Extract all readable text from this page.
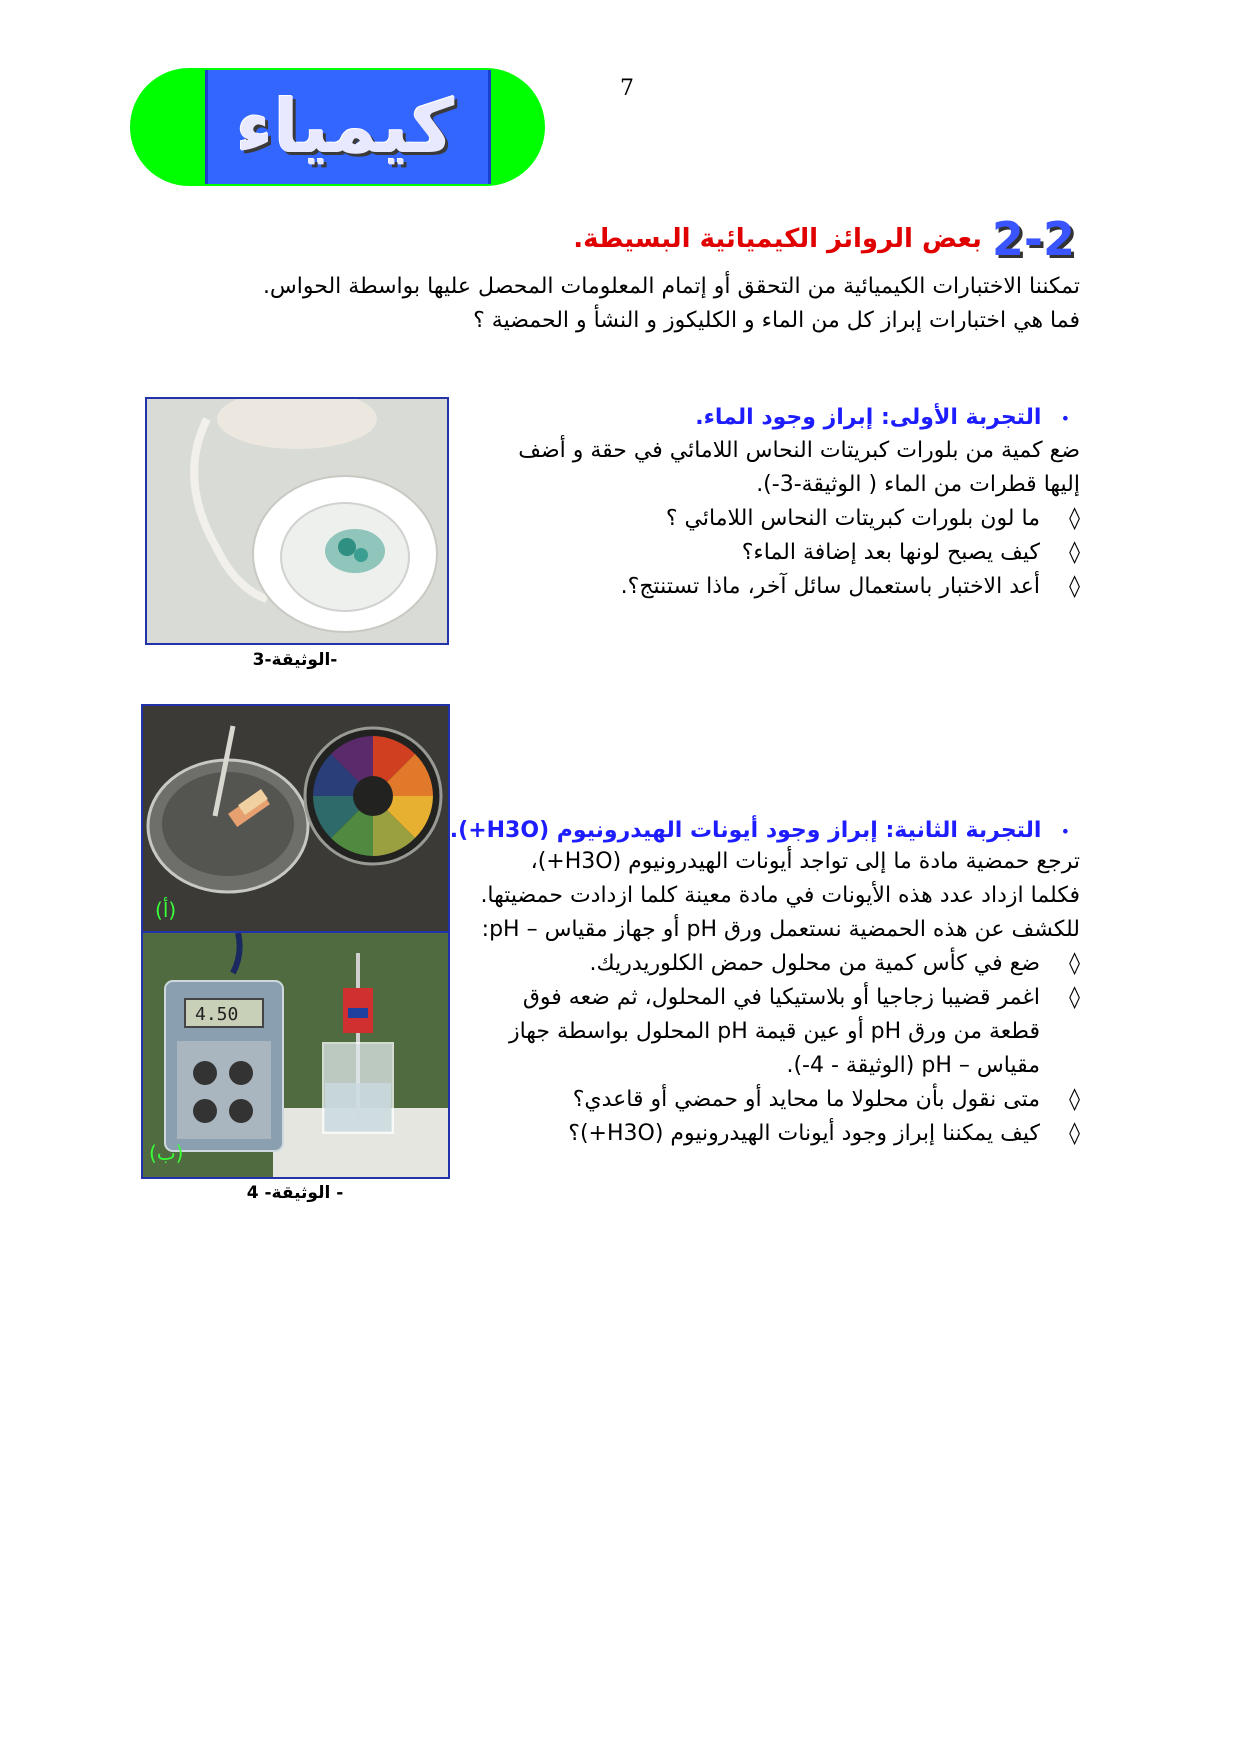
كيمياء	7
2-2
بعض الروائز الكيميائية البسيطة.
تمكننا الاختبارات الكيميائية من التحقق أو إتمام المعلومات المحصل عليها بواسطة الحواس.
فما هي اختبارات إبراز كل من الماء و الكليكوز و النشأ و الحمضية ؟
• التجربة الأولى: إبراز وجود الماء.
ضع كمية من بلورات كبريتات النحاس اللامائي في حقة و أضف
إليها قطرات من الماء ( الوثيقة-3-).
◊
ما لون بلورات كبريتات النحاس اللامائي ؟
◊
كيف يصبح لونها بعد إضافة الماء؟
◊
أعد الاختبار باستعمال سائل آخر، ماذا تستنتج؟.
الوثيقة-3-
• التجربة الثانية: إبراز وجود أيونات الهيدرونيوم (H3O+).
ترجع حمضية مادة ما إلى تواجد أيونات الهيدرونيوم (H3O+)،
فكلما ازداد عدد هذه الأيونات في مادة معينة كلما ازدادت حمضيتها.
للكشف عن هذه الحمضية نستعمل ورق pH أو جهاز مقياس – pH:
◊
ضع في كأس كمية من محلول حمض الكلوريدريك.
◊
اغمر قضيبا زجاجيا أو بلاستيكيا في المحلول، ثم ضعه فوق
قطعة من ورق pH أو عين قيمة pH المحلول بواسطة جهاز
مقياس – pH (الوثيقة - 4-).
◊
متى نقول بأن محلولا ما محايد أو حمضي أو قاعدي؟
◊
كيف يمكننا إبراز وجود أيونات الهيدرونيوم (H3O+)؟
(أ)
4.50
(ب)
الوثيقة- 4 -
